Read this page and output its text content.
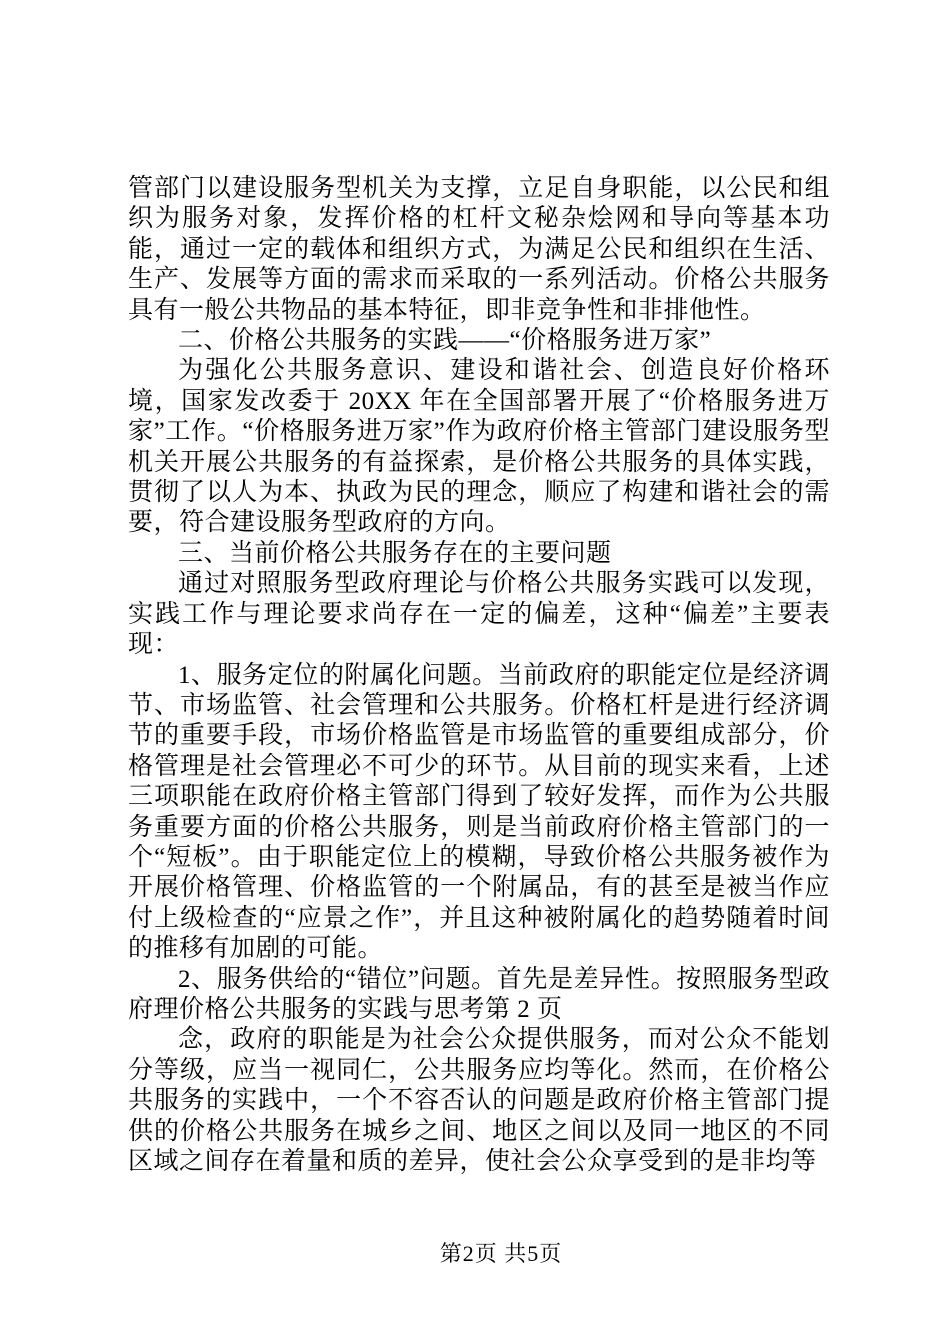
管部门以建设服务型机关为支撑，立足自身职能，以公民和组织为服务对象，发挥价格的杠杆文秘杂烩网和导向等基本功能，通过一定的载体和组织方式，为满足公民和组织在生活、生产、发展等方面的需求而采取的一系列活动。价格公共服务具有一般公共物品的基本特征，即非竞争性和非排他性。

二、价格公共服务的实践——“价格服务进万家”

为强化公共服务意识、建设和谐社会、创造良好价格环境，国家发改委于 20XX 年在全国部署开展了“价格服务进万家”工作。“价格服务进万家”作为政府价格主管部门建设服务型机关开展公共服务的有益探索，是价格公共服务的具体实践，贯彻了以人为本、执政为民的理念，顺应了构建和谐社会的需要，符合建设服务型政府的方向。

三、当前价格公共服务存在的主要问题

通过对照服务型政府理论与价格公共服务实践可以发现，实践工作与理论要求尚存在一定的偏差，这种“偏差”主要表现：

1、服务定位的附属化问题。当前政府的职能定位是经济调节、市场监管、社会管理和公共服务。价格杠杆是进行经济调节的重要手段，市场价格监管是市场监管的重要组成部分，价格管理是社会管理必不可少的环节。从目前的现实来看，上述三项职能在政府价格主管部门得到了较好发挥，而作为公共服务重要方面的价格公共服务，则是当前政府价格主管部门的一个“短板”。由于职能定位上的模糊，导致价格公共服务被作为开展价格管理、价格监管的一个附属品，有的甚至是被当作应付上级检查的“应景之作”，并且这种被附属化的趋势随着时间的推移有加剧的可能。

2、服务供给的“错位”问题。首先是差异性。按照服务型政府理价格公共服务的实践与思考第 2 页

念，政府的职能是为社会公众提供服务，而对公众不能划分等级，应当一视同仁，公共服务应均等化。然而，在价格公共服务的实践中，一个不容否认的问题是政府价格主管部门提供的价格公共服务在城乡之间、地区之间以及同一地区的不同区域之间存在着量和质的差异，使社会公众享受到的是非均等

第2页 共5页
